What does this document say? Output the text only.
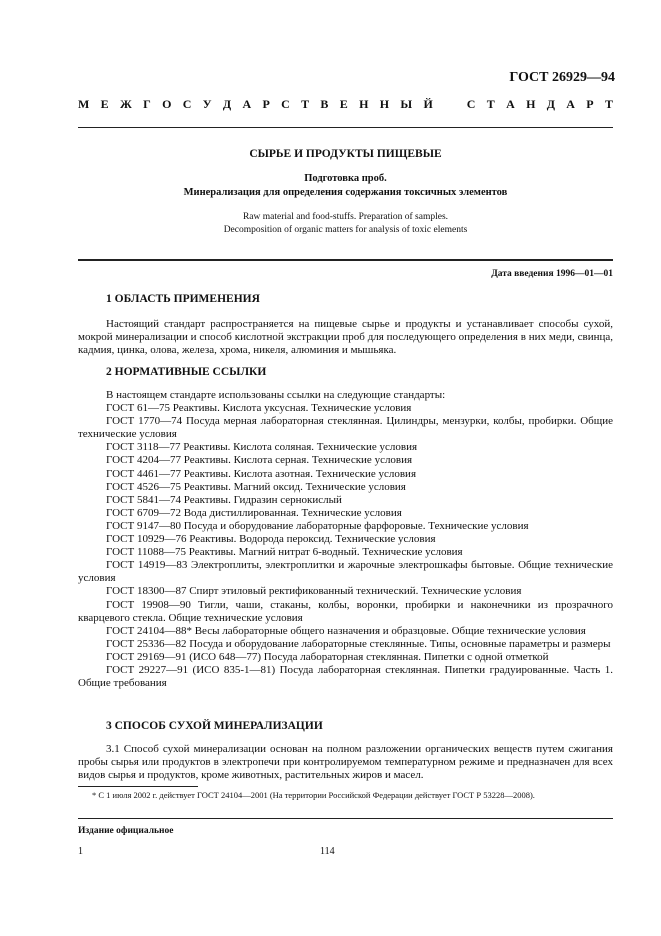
ГОСТ 26929—94
М Е Ж Г О С У Д А Р С Т В Е Н Н Ы Й	С Т А Н Д А Р Т
СЫРЬЕ И ПРОДУКТЫ ПИЩЕВЫЕ
Подготовка проб.
Минерализация для определения содержания токсичных элементов
Raw material and food-stuffs. Preparation of samples.
Decomposition of organic matters for analysis of toxic elements
Дата введения 1996—01—01
1 ОБЛАСТЬ ПРИМЕНЕНИЯ

Настоящий стандарт распространяется на пищевые сырье и продукты и устанавливает способы сухой, мокрой минерализации и способ кислотной экстракции проб для последующего определения в них меди, свинца, кадмия, цинка, олова, железа, хрома, никеля, алюминия и мышьяка.

2 НОРМАТИВНЫЕ ССЫЛКИ

В настоящем стандарте использованы ссылки на следующие стандарты:

ГОСТ 61—75 Реактивы. Кислота уксусная. Технические условия

ГОСТ 1770—74 Посуда мерная лабораторная стеклянная. Цилиндры, мензурки, колбы, пробирки. Общие технические условия

ГОСТ 3118—77 Реактивы. Кислота соляная. Технические условия

ГОСТ 4204—77 Реактивы. Кислота серная. Технические условия

ГОСТ 4461—77 Реактивы. Кислота азотная. Технические условия

ГОСТ 4526—75 Реактивы. Магний оксид. Технические условия

ГОСТ 5841—74 Реактивы. Гидразин сернокислый

ГОСТ 6709—72 Вода дистиллированная. Технические условия

ГОСТ 9147—80 Посуда и оборудование лабораторные фарфоровые. Технические условия

ГОСТ 10929—76 Реактивы. Водорода пероксид. Технические условия

ГОСТ 11088—75 Реактивы. Магний нитрат 6-водный. Технические условия

ГОСТ 14919—83 Электроплиты, электроплитки и жарочные электрошкафы бытовые. Общие технические условия

ГОСТ 18300—87 Спирт этиловый ректификованный технический. Технические условия

ГОСТ 19908—90 Тигли, чаши, стаканы, колбы, воронки, пробирки и наконечники из прозрачного кварцевого стекла. Общие технические условия

ГОСТ 24104—88* Весы лабораторные общего назначения и образцовые. Общие технические условия

ГОСТ 25336—82 Посуда и оборудование лабораторные стеклянные. Типы, основные параметры и размеры

ГОСТ 29169—91 (ИСО 648—77) Посуда лабораторная стеклянная. Пипетки с одной отметкой

ГОСТ 29227—91 (ИСО 835-1—81) Посуда лабораторная стеклянная. Пипетки градуированные. Часть 1. Общие требования

3 СПОСОБ СУХОЙ МИНЕРАЛИЗАЦИИ

3.1 Способ сухой минерализации основан на полном разложении органических веществ путем сжигания пробы сырья или продуктов в электропечи при контролируемом температурном режиме и предназначен для всех видов сырья и продуктов, кроме животных, растительных жиров и масел.

* С 1 июля 2002 г. действует ГОСТ 24104—2001 (На территории Российской Федерации действует ГОСТ Р 53228—2008).
Издание официальное
1	114
